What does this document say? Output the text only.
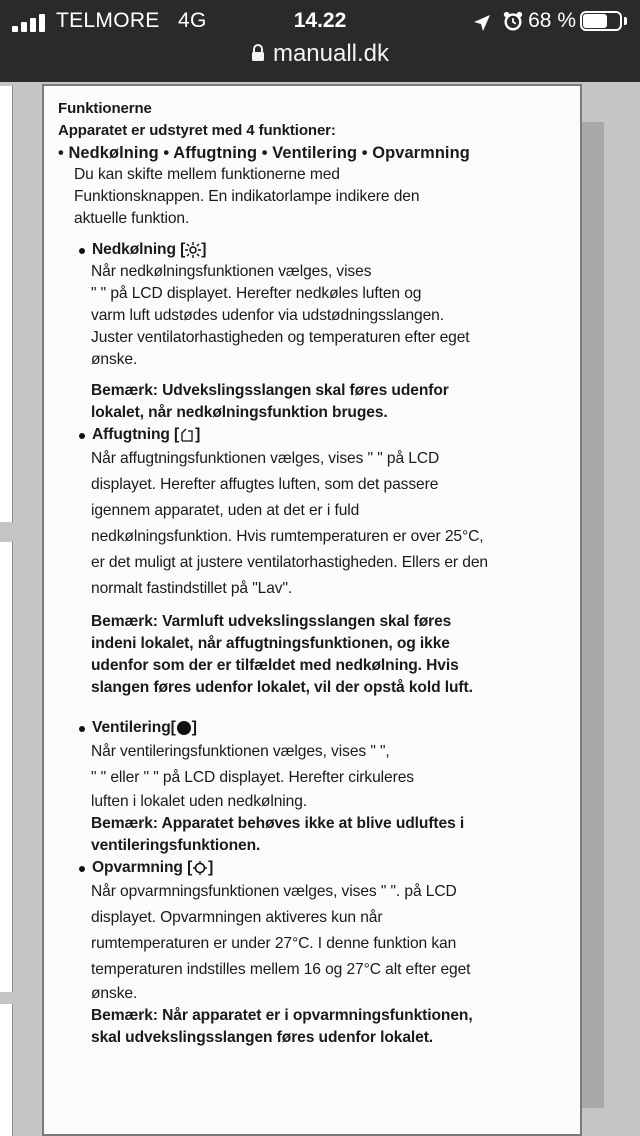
TELMORE 4G	14.22	68 %
manuall.dk

Funktionerne

Apparatet er udstyret med 4 funktioner:

• Nedkølning • Affugtning • Ventilering • Opvarmning

Du kan skifte mellem funktionerne med

Funktionsknappen. En indikatorlampe indikere den

aktuelle funktion.

Nedkølning [ ]

Når nedkølningsfunktionen vælges, vises

" " på LCD displayet. Herefter nedkøles luften og

varm luft udstødes udenfor via udstødningsslangen.

Juster ventilatorhastigheden og temperaturen efter eget

ønske.

Bemærk: Udvekslingsslangen skal føres udenfor

lokalet, når nedkølningsfunktion bruges.

Affugtning [ ]

Når affugtningsfunktionen vælges, vises " " på LCD

displayet. Herefter affugtes luften, som det passere

igennem apparatet, uden at det er i fuld

nedkølningsfunktion. Hvis rumtemperaturen er over 25°C,

er det muligt at justere ventilatorhastigheden. Ellers er den

normalt fastindstillet på "Lav".

Bemærk: Varmluft udvekslingsslangen skal føres

indeni lokalet, når affugtningsfunktionen, og ikke

udenfor som der er tilfældet med nedkølning. Hvis

slangen føres udenfor lokalet, vil der opstå kold luft.

Ventilering[ ]

Når ventileringsfunktionen vælges, vises " ",

" " eller " " på LCD displayet. Herefter cirkuleres

luften i lokalet uden nedkølning.

Bemærk: Apparatet behøves ikke at blive udluftes i

ventileringsfunktionen.

Opvarmning [ ]

Når opvarmningsfunktionen vælges, vises " ". på LCD

displayet. Opvarmningen aktiveres kun når

rumtemperaturen er under 27°C. I denne funktion kan

temperaturen indstilles mellem 16 og 27°C alt efter eget

ønske.

Bemærk: Når apparatet er i opvarmningsfunktionen,

skal udvekslingsslangen føres udenfor lokalet.
